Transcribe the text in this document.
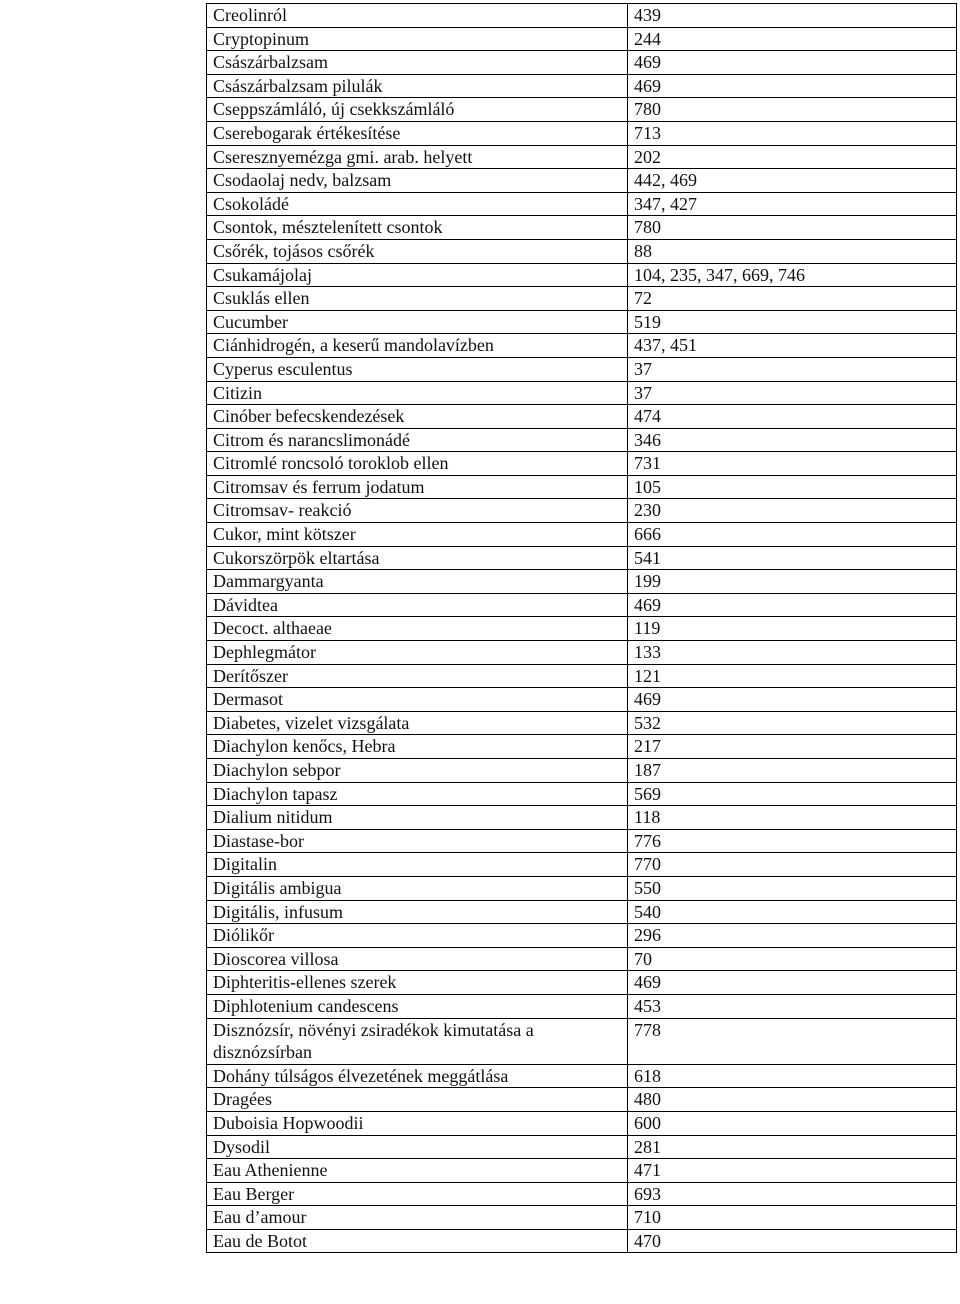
Creolinról	439
Cryptopinum	244
Császárbalzsam	469
Császárbalzsam pilulák	469
Cseppszámláló, új csekkszámláló	780
Cserebogarak értékesítése	713
Cseresznyemézga gmi. arab. helyett	202
Csodaolaj nedv, balzsam	442, 469
Csokoládé	347, 427
Csontok, mésztelenített csontok	780
Csőrék, tojásos csőrék	88
Csukamájolaj	104, 235, 347, 669, 746
Csuklás ellen	72
Cucumber	519
Ciánhidrogén, a keserű mandolavízben	437, 451
Cyperus esculentus	37
Citizin	37
Cinóber befecskendezések	474
Citrom és narancslimonádé	346
Citromlé roncsoló toroklob ellen	731
Citromsav és ferrum jodatum	105
Citromsav- reakció	230
Cukor, mint kötszer	666
Cukorszörpök eltartása	541
Dammargyanta	199
Dávidtea	469
Decoct. althaeae	119
Dephlegmátor	133
Derítőszer	121
Dermasot	469
Diabetes, vizelet vizsgálata	532
Diachylon kenőcs, Hebra	217
Diachylon sebpor	187
Diachylon tapasz	569
Dialium nitidum	118
Diastase-bor	776
Digitalin	770
Digitális ambigua	550
Digitális, infusum	540
Diólikőr	296
Dioscorea villosa	70
Diphteritis-ellenes szerek	469
Diphlotenium candescens	453
Disznózsír, növényi zsiradékok kimutatása a disznózsírban	778
Dohány túlságos élvezetének meggátlása	618
Dragées	480
Duboisia Hopwoodii	600
Dysodil	281
Eau Athenienne	471
Eau Berger	693
Eau d’amour	710
Eau de Botot	470
